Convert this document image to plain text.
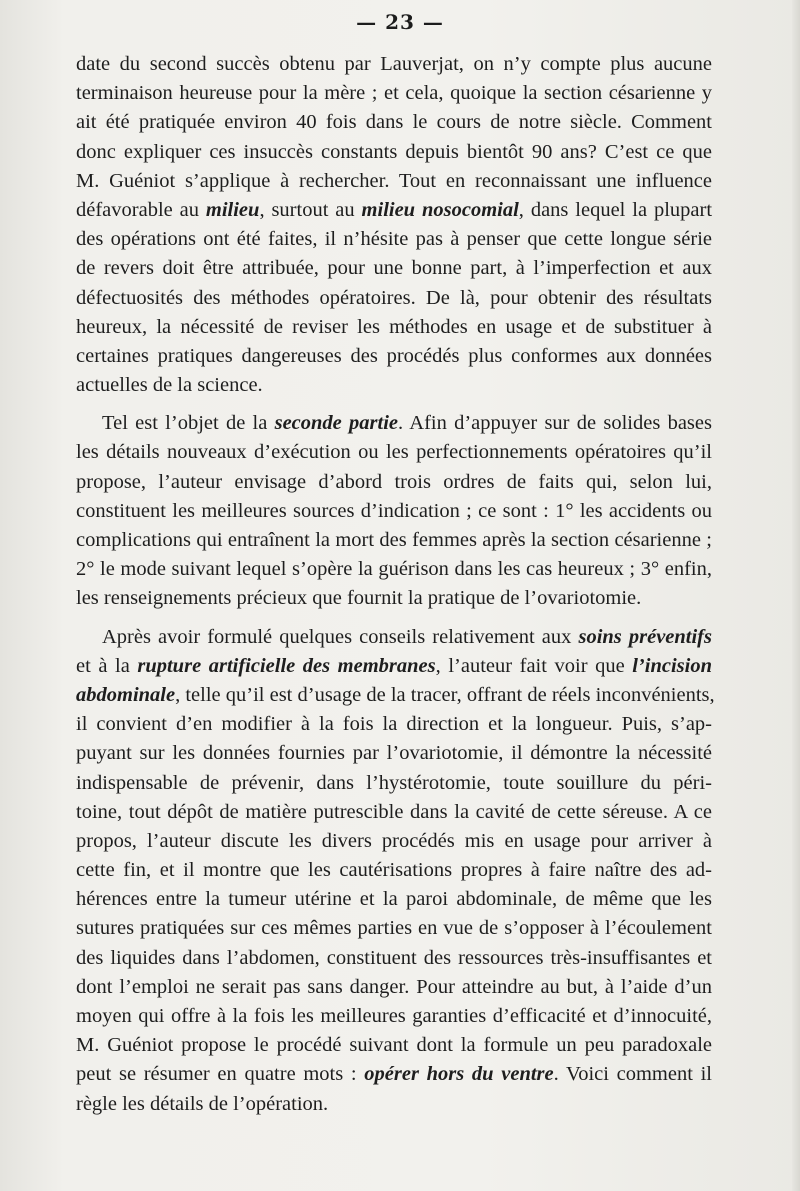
— 23 —
date du second succès obtenu par Lauverjat, on n’y compte plus aucune
terminaison heureuse pour la mère ; et cela, quoique la section césarienne y
ait été pratiquée environ 40 fois dans le cours de notre siècle. Comment
donc expliquer ces insuccès constants depuis bientôt 90 ans? C’est ce que
M. Guéniot s’applique à rechercher. Tout en reconnaissant une influence
défavorable au milieu, surtout au milieu nosocomial, dans lequel la plupart
des opérations ont été faites, il n’hésite pas à penser que cette longue série
de revers doit être attribuée, pour une bonne part, à l’imperfection et aux
défectuosités des méthodes opératoires. De là, pour obtenir des résultats
heureux, la nécessité de reviser les méthodes en usage et de substituer à
certaines pratiques dangereuses des procédés plus conformes aux données
actuelles de la science.
Tel est l’objet de la seconde partie. Afin d’appuyer sur de solides bases
les détails nouveaux d’exécution ou les perfectionnements opératoires qu’il
propose, l’auteur envisage d’abord trois ordres de faits qui, selon lui,
constituent les meilleures sources d’indication ; ce sont : 1° les accidents ou
complications qui entraînent la mort des femmes après la section césarienne ;
2° le mode suivant lequel s’opère la guérison dans les cas heureux ; 3° enfin,
les renseignements précieux que fournit la pratique de l’ovariotomie.
Après avoir formulé quelques conseils relativement aux soins préventifs
et à la rupture artificielle des membranes, l’auteur fait voir que l’incision
abdominale, telle qu’il est d’usage de la tracer, offrant de réels inconvénients,
il convient d’en modifier à la fois la direction et la longueur. Puis, s’ap-
puyant sur les données fournies par l’ovariotomie, il démontre la nécessité
indispensable de prévenir, dans l’hystérotomie, toute souillure du péri-
toine, tout dépôt de matière putrescible dans la cavité de cette séreuse. A ce
propos, l’auteur discute les divers procédés mis en usage pour arriver à
cette fin, et il montre que les cautérisations propres à faire naître des ad-
hérences entre la tumeur utérine et la paroi abdominale, de même que les
sutures pratiquées sur ces mêmes parties en vue de s’opposer à l’écoulement
des liquides dans l’abdomen, constituent des ressources très-insuffisantes et
dont l’emploi ne serait pas sans danger. Pour atteindre au but, à l’aide d’un
moyen qui offre à la fois les meilleures garanties d’efficacité et d’innocuité,
M. Guéniot propose le procédé suivant dont la formule un peu paradoxale
peut se résumer en quatre mots : opérer hors du ventre. Voici comment il
règle les détails de l’opération.
